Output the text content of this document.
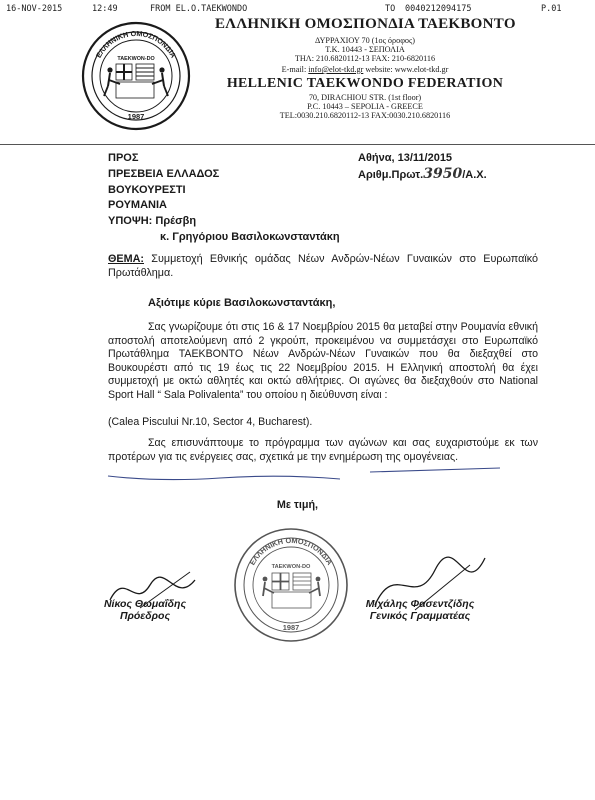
16-NOV-2015	12:49	FROM EL.O.TAEKWONDO	TO 0040212094175	P.01
ΕΛΛΗΝΙΚΗ ΟΜΟΣΠΟΝΔΙΑ
TAEKWON-DO
1987
ΕΛΛΗΝΙΚΗ ΟΜΟΣΠΟΝΔΙΑ ΤΑΕΚΒΟΝΤΟ
ΔΥΡΡΑΧΙΟΥ 70 (1ος όροφος)
Τ.Κ. 10443 - ΣΕΠΟΛΙΑ
ΤΗΛ: 210.6820112-13 FAX: 210-6820116
E-mail: info@elot-tkd.gr website: www.elot-tkd.gr
HELLENIC TAEKWONDO FEDERATION
70, DIRACHIOU STR. (1st floor)
P.C. 10443 – SEPOLIA - GREECE
TEL:0030.210.6820112-13 FAX:0030.210.6820116
ΠΡΟΣ
ΠΡΕΣΒΕΙΑ ΕΛΛΑΔΟΣ
ΒΟΥΚΟΥΡΕΣΤΙ
ΡΟΥΜΑΝΙΑ
ΥΠΟΨΗ: Πρέσβη
κ. Γρηγόριου Βασιλοκωνσταντάκη
Αθήνα, 13/11/2015
Αριθμ.Πρωτ.3950/Α.Χ.
ΘΕΜΑ: Συμμετοχή Εθνικής ομάδας Νέων Ανδρών-Νέων Γυναικών στο Ευρωπαϊκό Πρωτάθλημα.
Αξιότιμε κύριε Βασιλοκωνσταντάκη,
Σας γνωρίζουμε ότι στις 16 & 17 Νοεμβρίου 2015 θα μεταβεί στην Ρουμανία εθνική αποστολή αποτελούμενη από 2 γκρούπ, προκειμένου να συμμετάσχει στο Ευρωπαϊκό Πρωτάθλημα ΤΑΕΚΒΟΝΤΟ Νέων Ανδρών-Νέων Γυναικών που θα διεξαχθεί στο Βουκουρέστι από τις 19 έως τις 22 Νοεμβρίου 2015. Η Ελληνική αποστολή θα έχει συμμετοχή με οκτώ αθλητές και οκτώ αθλήτριες. Οι αγώνες θα διεξαχθούν στο National Sport Hall “ Sala Polivalenta” του οποίου η διεύθυνση είναι :
(Calea Piscului Nr.10, Sector 4, Bucharest).
Σας επισυνάπτουμε το πρόγραμμα των αγώνων και σας ευχαριστούμε εκ των προτέρων για τις ενέργειες σας, σχετικά με την ενημέρωση της ομογένειας.
Με τιμή,
ΕΛΛΗΝΙΚΗ ΟΜΟΣΠΟΝΔΙΑ
TAEKWON-DO
1987
Νίκος Θωμαΐδης
Πρόεδρος
Μιχάλης Φασεντζίδης
Γενικός Γραμματέας
